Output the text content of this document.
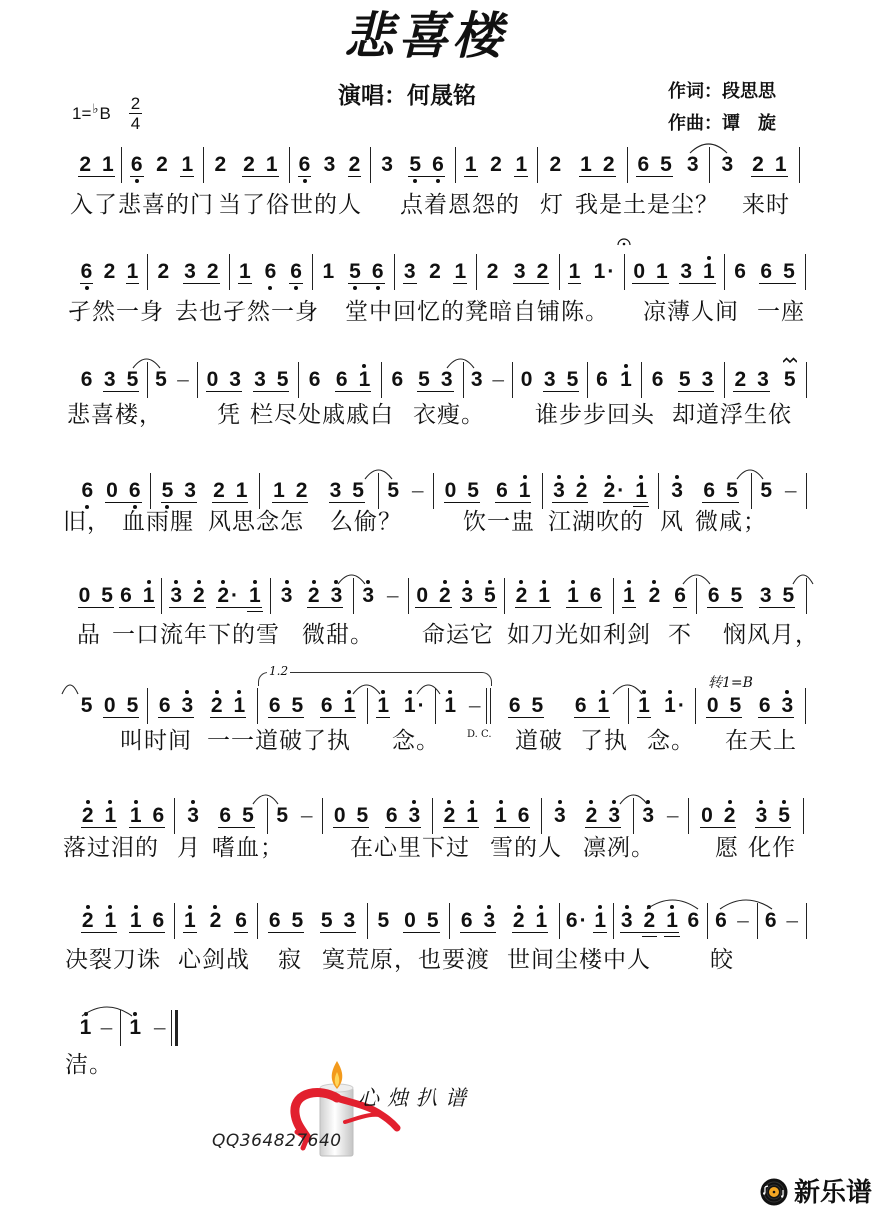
悲喜楼
演唱：何晟铭	作词：段思思
作曲：谭　旋
$1=^♭B \frac{2}{4}$
2 1 6 2 1 2 2 1 6 3 2 3 5 6 1 2 1 2 1 2 6 5 3 3 2 1
入了悲喜的门 当了俗世的人 点着恩怨的 灯 我是土是尘？ 来时
6 2 1 2 3 2 1 6 6 1 5 6 3 2 1 2 3 2 1 1 · 0 1 3 1 6 6 5
孑然一身 去也孑然一身 堂中回忆的凳暗自铺陈。 凉薄人间 一座
6 3 5 5 – 0 3 3 5 6 6 1 6 5 3 3 – 0 3 5 6 1 6 5 3 2 3 5
悲喜楼， 凭 栏尽处戚戚白 衣瘦。 谁步步回头 却道浮生依
6 0 6 5 3 2 1 1 2 3 5 5 – 0 5 6 1 3 2 2 · 1 3 6 5 5 –
旧， 血雨腥 风思念怎 么偷？	饮一盅 江湖吹的 风 微咸；
0 5 6 1 3 2 2 · 1 3 2 3 3 – 0 2 3 5 2 1 1 6 1 2 6 6 5 3 5
品 一口流年下的雪 微甜。 命运它 如刀光如利剑 不 悯风月，
5 0 5 6 3 2 1 6 5 6 1 1 1 · 1 – 6 5 6 1 1 1 · 0 5 6 3
叫时间 一一道破了执 念。	道破 了执 念。 在天上
2 1 1 6 3 6 5 5 – 0 5 6 3 2 1 1 6 3 2 3 3 – 0 2 3 5
落过泪的 月 嗜血；	在心里下过 雪的人 凛冽。	愿 化作
2 1 1 6 1 2 6 6 5 5 3 5 0 5 6 3 2 1 6 · 1 3 2 1 6 6 – 6 –
决裂刀诛 心剑战 寂 寞荒原，也要渡 世间尘楼中人	皎
1 – 1 –
洁。
1.2
D. C.
转1=B
心烛扒谱
QQ364827640
新乐谱
